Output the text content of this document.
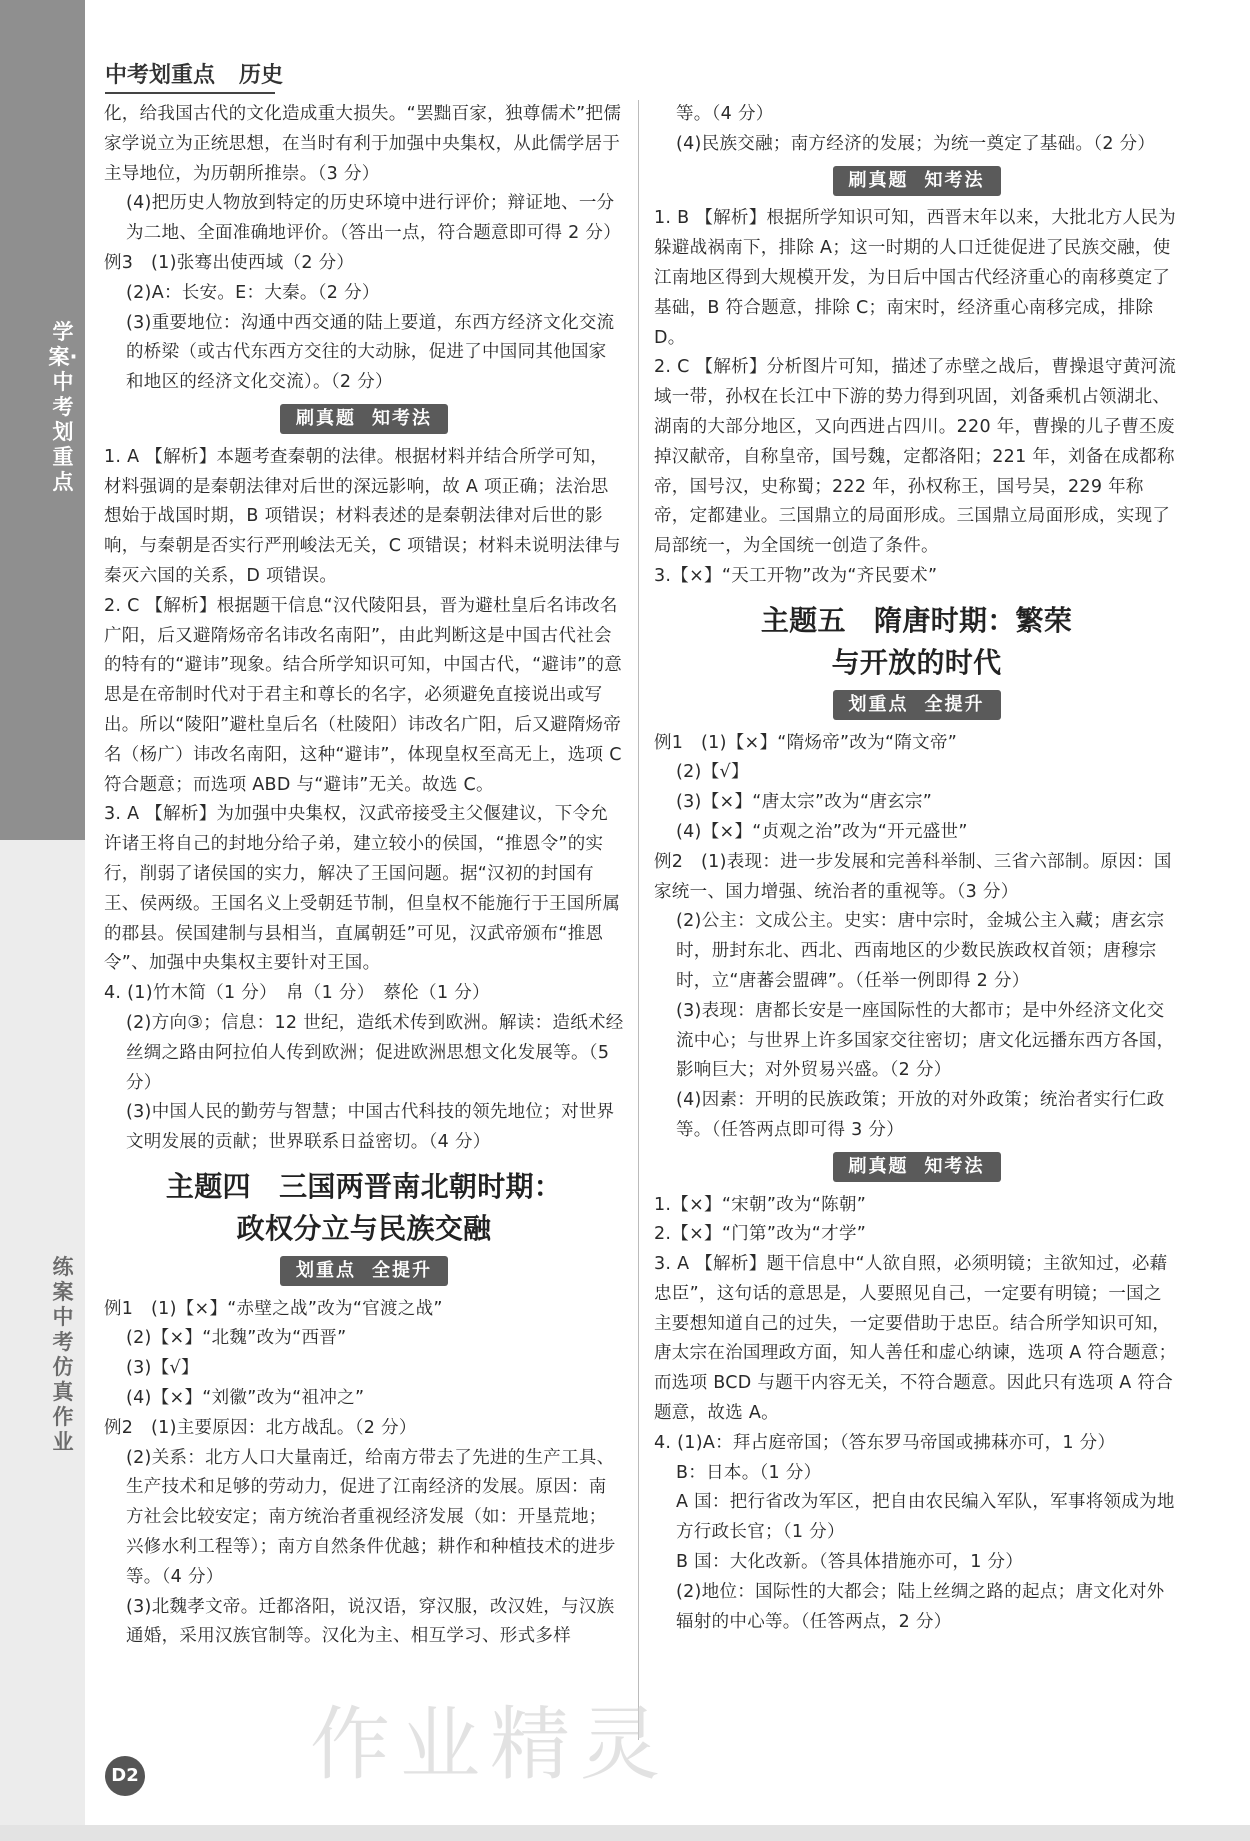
学案·中考划重点
练案 中考仿真作业
中考划重点 历史

化，给我国古代的文化造成重大损失。“罢黜百家，独尊儒术”把儒家学说立为正统思想，在当时有利于加强中央集权，从此儒学居于主导地位，为历朝所推崇。（3 分）

(4)把历史人物放到特定的历史环境中进行评价；辩证地、一分为二地、全面准确地评价。（答出一点，符合题意即可得 2 分）

例3　(1)张骞出使西域（2 分）

(2)A：长安。E：大秦。（2 分）

(3)重要地位：沟通中西交通的陆上要道，东西方经济文化交流的桥梁（或古代东西方交往的大动脉，促进了中国同其他国家和地区的经济文化交流）。（2 分）

刷真题 知考法

1. A 【解析】本题考查秦朝的法律。根据材料并结合所学可知，材料强调的是秦朝法律对后世的深远影响，故 A 项正确；法治思想始于战国时期，B 项错误；材料表述的是秦朝法律对后世的影响，与秦朝是否实行严刑峻法无关，C 项错误；材料未说明法律与秦灭六国的关系，D 项错误。

2. C 【解析】根据题干信息“汉代陵阳县，晋为避杜皇后名讳改名广阳，后又避隋炀帝名讳改名南阳”，由此判断这是中国古代社会的特有的“避讳”现象。结合所学知识可知，中国古代，“避讳”的意思是在帝制时代对于君主和尊长的名字，必须避免直接说出或写出。所以“陵阳”避杜皇后名（杜陵阳）讳改名广阳，后又避隋炀帝名（杨广）讳改名南阳，这种“避讳”，体现皇权至高无上，选项 C 符合题意；而选项 ABD 与“避讳”无关。故选 C。

3. A 【解析】为加强中央集权，汉武帝接受主父偃建议，下令允许诸王将自己的封地分给子弟，建立较小的侯国，“推恩令”的实行，削弱了诸侯国的实力，解决了王国问题。据“汉初的封国有王、侯两级。王国名义上受朝廷节制，但皇权不能施行于王国所属的郡县。侯国建制与县相当，直属朝廷”可见，汉武帝颁布“推恩令”、加强中央集权主要针对王国。

4. (1)竹木简（1 分）　帛（1 分）　蔡伦（1 分）

(2)方向③；信息：12 世纪，造纸术传到欧洲。解读：造纸术经丝绸之路由阿拉伯人传到欧洲；促进欧洲思想文化发展等。（5 分）

(3)中国人民的勤劳与智慧；中国古代科技的领先地位；对世界文明发展的贡献；世界联系日益密切。（4 分）

主题四　三国两晋南北朝时期：
政权分立与民族交融
划重点 全提升

例1　(1)【×】“赤壁之战”改为“官渡之战”

(2)【×】“北魏”改为“西晋”

(3)【√】

(4)【×】“刘徽”改为“祖冲之”

例2　(1)主要原因：北方战乱。（2 分）

(2)关系：北方人口大量南迁，给南方带去了先进的生产工具、生产技术和足够的劳动力，促进了江南经济的发展。原因：南方社会比较安定；南方统治者重视经济发展（如：开垦荒地；兴修水利工程等）；南方自然条件优越；耕作和种植技术的进步等。（4 分）

(3)北魏孝文帝。迁都洛阳，说汉语，穿汉服，改汉姓，与汉族通婚，采用汉族官制等。汉化为主、相互学习、形式多样

等。（4 分）

(4)民族交融；南方经济的发展；为统一奠定了基础。（2 分）

刷真题 知考法

1. B 【解析】根据所学知识可知，西晋末年以来，大批北方人民为躲避战祸南下，排除 A；这一时期的人口迁徙促进了民族交融，使江南地区得到大规模开发，为日后中国古代经济重心的南移奠定了基础，B 符合题意，排除 C；南宋时，经济重心南移完成，排除 D。

2. C 【解析】分析图片可知，描述了赤壁之战后，曹操退守黄河流域一带，孙权在长江中下游的势力得到巩固，刘备乘机占领湖北、湖南的大部分地区，又向西进占四川。220 年，曹操的儿子曹丕废掉汉献帝，自称皇帝，国号魏，定都洛阳；221 年，刘备在成都称帝，国号汉，史称蜀；222 年，孙权称王，国号吴，229 年称帝，定都建业。三国鼎立的局面形成。三国鼎立局面形成，实现了局部统一，为全国统一创造了条件。

3.【×】“天工开物”改为“齐民要术”

主题五　隋唐时期：繁荣
与开放的时代
划重点 全提升

例1　(1)【×】“隋炀帝”改为“隋文帝”

(2)【√】

(3)【×】“唐太宗”改为“唐玄宗”

(4)【×】“贞观之治”改为“开元盛世”

例2　(1)表现：进一步发展和完善科举制、三省六部制。原因：国家统一、国力增强、统治者的重视等。（3 分）

(2)公主：文成公主。史实：唐中宗时，金城公主入藏；唐玄宗时，册封东北、西北、西南地区的少数民族政权首领；唐穆宗时，立“唐蕃会盟碑”。（任举一例即得 2 分）

(3)表现：唐都长安是一座国际性的大都市；是中外经济文化交流中心；与世界上许多国家交往密切；唐文化远播东西方各国，影响巨大；对外贸易兴盛。（2 分）

(4)因素：开明的民族政策；开放的对外政策；统治者实行仁政等。（任答两点即可得 3 分）

刷真题 知考法

1.【×】“宋朝”改为“陈朝”

2.【×】“门第”改为“才学”

3. A 【解析】题干信息中“人欲自照，必须明镜；主欲知过，必藉忠臣”，这句话的意思是，人要照见自己，一定要有明镜；一国之主要想知道自己的过失，一定要借助于忠臣。结合所学知识可知，唐太宗在治国理政方面，知人善任和虚心纳谏，选项 A 符合题意；而选项 BCD 与题干内容无关，不符合题意。因此只有选项 A 符合题意，故选 A。

4. (1)A：拜占庭帝国；（答东罗马帝国或拂菻亦可，1 分）

B：日本。（1 分）

A 国：把行省改为军区，把自由农民编入军队，军事将领成为地方行政长官；（1 分）

B 国：大化改新。（答具体措施亦可，1 分）

(2)地位：国际性的大都会；陆上丝绸之路的起点；唐文化对外辐射的中心等。（任答两点，2 分）

作业精灵
D2
